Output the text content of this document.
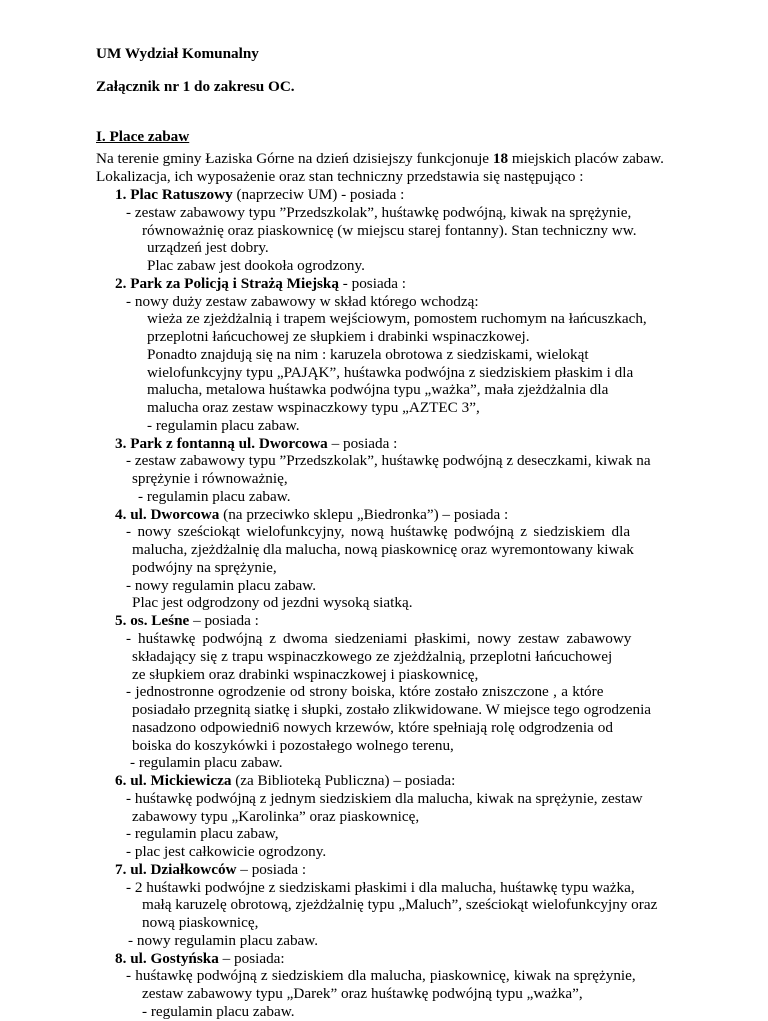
UM Wydział Komunalny
Załącznik nr 1 do zakresu OC.
I. Place zabaw
Na terenie gminy Łaziska Górne na dzień dzisiejszy funkcjonuje 18 miejskich placów zabaw.
Lokalizacja, ich wyposażenie oraz stan techniczny przedstawia się następująco :
1. Plac Ratuszowy (naprzeciw UM) - posiada :
- zestaw zabawowy typu ”Przedszkolak”, huśtawkę podwójną, kiwak na sprężynie,
równoważnię oraz piaskownicę (w miejscu starej fontanny). Stan techniczny ww.
urządzeń jest dobry.
Plac zabaw jest dookoła ogrodzony.
2. Park za Policją i Strażą Miejską - posiada :
- nowy duży zestaw zabawowy w skład którego wchodzą:
wieża ze zjeżdżalnią i trapem wejściowym, pomostem ruchomym na łańcuszkach,
przeplotni łańcuchowej ze słupkiem i drabinki wspinaczkowej.
Ponadto znajdują się na nim : karuzela obrotowa z siedziskami, wielokąt
wielofunkcyjny typu „PAJĄK”, huśtawka podwójna z siedziskiem płaskim i dla
malucha, metalowa huśtawka podwójna typu „ważka”, mała zjeżdżalnia dla
malucha oraz zestaw wspinaczkowy typu „AZTEC 3”,
- regulamin placu zabaw.
3. Park z fontanną ul. Dworcowa – posiada :
- zestaw zabawowy typu ”Przedszkolak”, huśtawkę podwójną z deseczkami, kiwak na
sprężynie i równoważnię,
- regulamin placu zabaw.
4. ul. Dworcowa (na przeciwko sklepu „Biedronka”) – posiada :
- nowy sześciokąt wielofunkcyjny, nową huśtawkę podwójną z siedziskiem dla
malucha, zjeżdżalnię dla malucha, nową piaskownicę oraz wyremontowany kiwak
podwójny na sprężynie,
- nowy regulamin placu zabaw.
Plac jest odgrodzony od jezdni wysoką siatką.
5. os. Leśne – posiada :
- huśtawkę podwójną z dwoma siedzeniami płaskimi, nowy zestaw zabawowy
składający się z trapu wspinaczkowego ze zjeżdżalnią, przeplotni łańcuchowej
ze słupkiem oraz drabinki wspinaczkowej i piaskownicę,
- jednostronne ogrodzenie od strony boiska, które zostało zniszczone , a które
posiadało przegnitą siatkę i słupki, zostało zlikwidowane. W miejsce tego ogrodzenia
nasadzono odpowiedni6 nowych krzewów, które spełniają rolę odgrodzenia od
boiska do koszykówki i pozostałego wolnego terenu,
- regulamin placu zabaw.
6. ul. Mickiewicza (za Biblioteką Publiczna) – posiada:
- huśtawkę podwójną z jednym siedziskiem dla malucha, kiwak na sprężynie, zestaw
zabawowy typu „Karolinka” oraz piaskownicę,
- regulamin placu zabaw,
- plac jest całkowicie ogrodzony.
7. ul. Działkowców – posiada :
- 2 huśtawki podwójne z siedziskami płaskimi i dla malucha, huśtawkę typu ważka,
małą karuzelę obrotową, zjeżdżalnię typu „Maluch”, sześciokąt wielofunkcyjny oraz
nową piaskownicę,
- nowy regulamin placu zabaw.
8. ul. Gostyńska – posiada:
- huśtawkę podwójną z siedziskiem dla malucha, piaskownicę, kiwak na sprężynie,
zestaw zabawowy typu „Darek” oraz huśtawkę podwójną typu „ważka”,
- regulamin placu zabaw.
